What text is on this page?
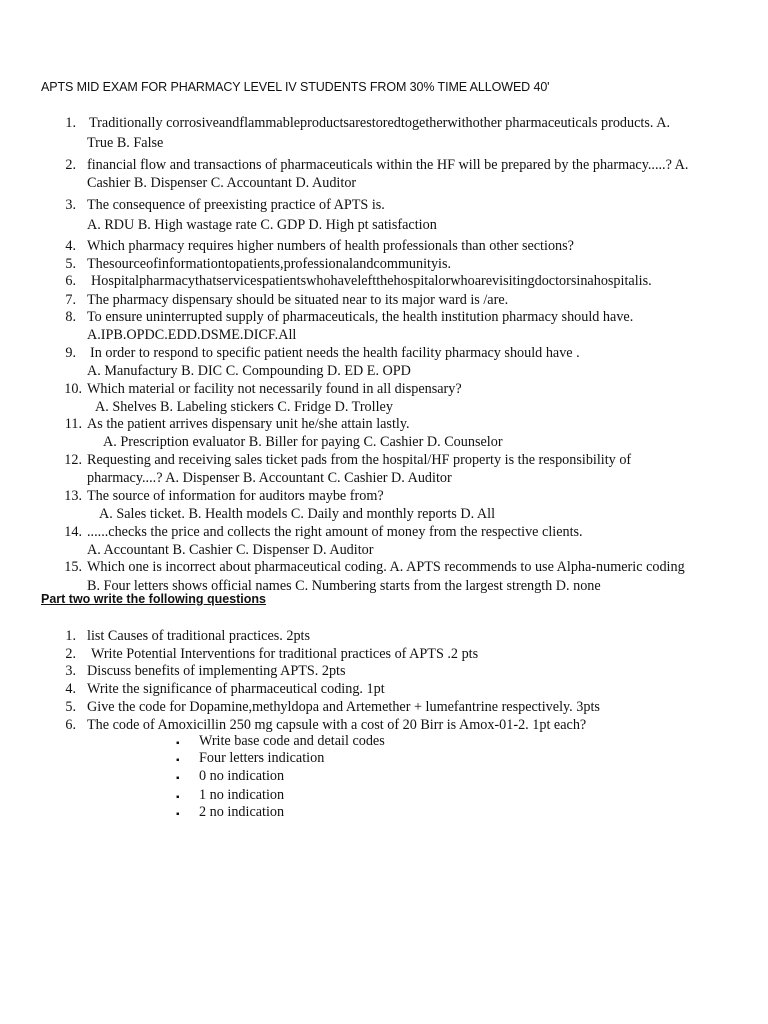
APTS MID EXAM FOR PHARMACY LEVEL IV STUDENTS FROM 30% TIME ALLOWED 40'
1. Traditionally corrosiveandflammableproductsarestoredtogetherwithother pharmaceuticals products. A.
True B. False
2. financial flow and transactions of pharmaceuticals within the HF will be prepared by the pharmacy.....? A.
Cashier B. Dispenser C. Accountant D. Auditor
3. The consequence of preexisting practice of APTS is.
A. RDU B. High wastage rate C. GDP D. High pt satisfaction
4. Which pharmacy requires higher numbers of health professionals than other sections?
5. Thesourceofinformationtopatients,professionalandcommunityis.
6. Hospitalpharmacythatservicespatientswhohaveleftthehospitalorwhoarevisitingdoctorsinahospitalis.
7. The pharmacy dispensary should be situated near to its major ward is /are.
8. To ensure uninterrupted supply of pharmaceuticals, the health institution pharmacy should have.
A.IPB.OPDC.EDD.DSME.DICF.All
9. In order to respond to specific patient needs the health facility pharmacy should have .
A. Manufactury B. DIC C. Compounding D. ED E. OPD
10. Which material or facility not necessarily found in all dispensary?
A. Shelves B. Labeling stickers C. Fridge D. Trolley
11. As the patient arrives dispensary unit he/she attain lastly.
A. Prescription evaluator B. Biller for paying C. Cashier D. Counselor
12. Requesting and receiving sales ticket pads from the hospital/HF property is the responsibility of
pharmacy....? A. Dispenser B. Accountant C. Cashier D. Auditor
13. The source of information for auditors maybe from?
A. Sales ticket. B. Health models C. Daily and monthly reports D. All
14. ......checks the price and collects the right amount of money from the respective clients.
A. Accountant B. Cashier C. Dispenser D. Auditor
15. Which one is incorrect about pharmaceutical coding. A. APTS recommends to use Alpha-numeric coding
B. Four letters shows official names C. Numbering starts from the largest strength D. none
Part two write the following questions
1. list Causes of traditional practices. 2pts
2. Write Potential Interventions for traditional practices of APTS .2 pts
3. Discuss benefits of implementing APTS. 2pts
4. Write the significance of pharmaceutical coding. 1pt
5. Give the code for Dopamine,methyldopa and Artemether + lumefantrine respectively. 3pts
6. The code of Amoxicillin 250 mg capsule with a cost of 20 Birr is Amox-01-2. 1pt each?
▪ Write base code and detail codes
▪ Four letters indication
▪ 0 no indication
▪ 1 no indication
▪ 2 no indication
